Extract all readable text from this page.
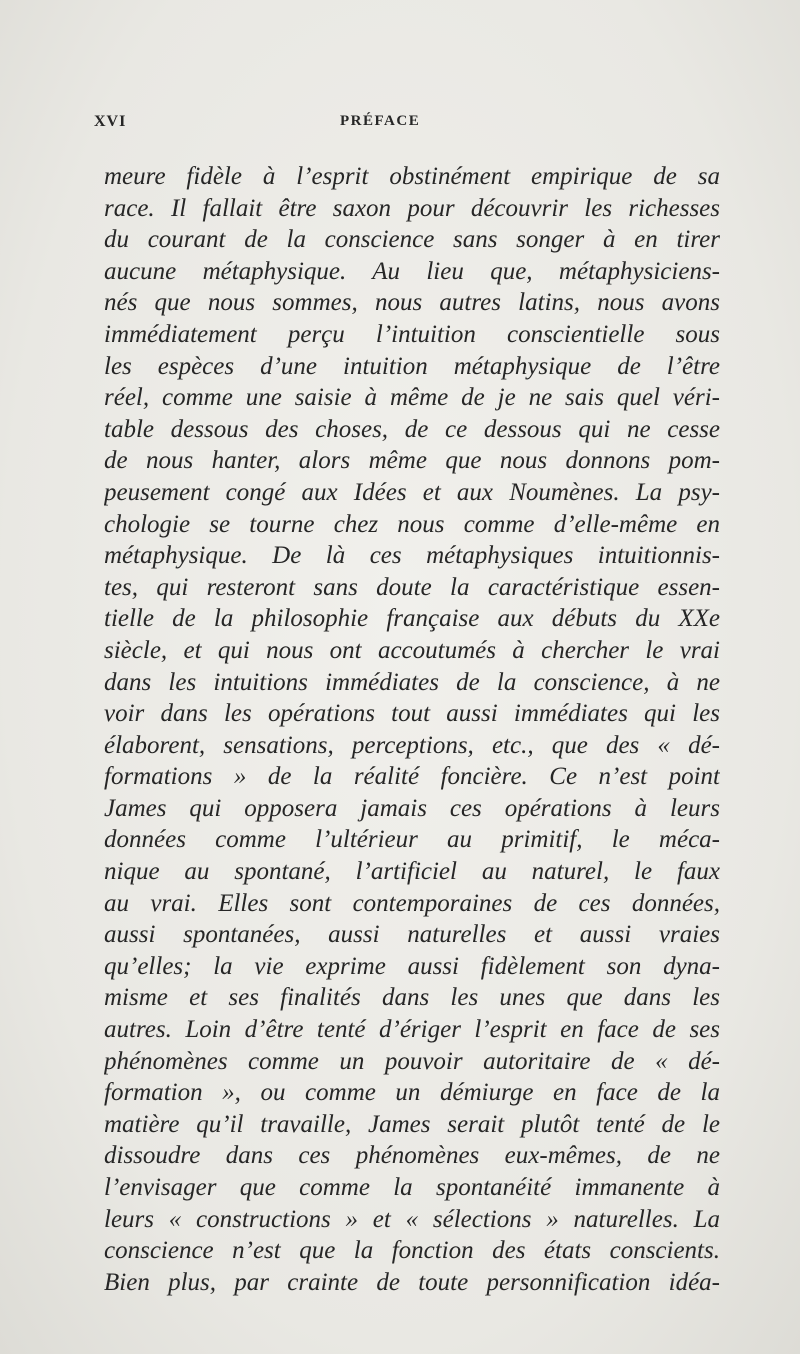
XVI	PRÉFACE
meure fidèle à l’esprit obstinément empirique de sa
race. Il fallait être saxon pour découvrir les richesses
du courant de la conscience sans songer à en tirer
aucune métaphysique. Au lieu que, métaphysiciens-
nés que nous sommes, nous autres latins, nous avons
immédiatement perçu l’intuition conscientielle sous
les espèces d’une intuition métaphysique de l’être
réel, comme une saisie à même de je ne sais quel véri-
table dessous des choses, de ce dessous qui ne cesse
de nous hanter, alors même que nous donnons pom-
peusement congé aux Idées et aux Noumènes. La psy-
chologie se tourne chez nous comme d’elle-même en
métaphysique. De là ces métaphysiques intuitionnis-
tes, qui resteront sans doute la caractéristique essen-
tielle de la philosophie française aux débuts du XXe
siècle, et qui nous ont accoutumés à chercher le vrai
dans les intuitions immédiates de la conscience, à ne
voir dans les opérations tout aussi immédiates qui les
élaborent, sensations, perceptions, etc., que des « dé-
formations » de la réalité foncière. Ce n’est point
James qui opposera jamais ces opérations à leurs
données comme l’ultérieur au primitif, le méca-
nique au spontané, l’artificiel au naturel, le faux
au vrai. Elles sont contemporaines de ces données,
aussi spontanées, aussi naturelles et aussi vraies
qu’elles; la vie exprime aussi fidèlement son dyna-
misme et ses finalités dans les unes que dans les
autres. Loin d’être tenté d’ériger l’esprit en face de ses
phénomènes comme un pouvoir autoritaire de « dé-
formation », ou comme un démiurge en face de la
matière qu’il travaille, James serait plutôt tenté de le
dissoudre dans ces phénomènes eux-mêmes, de ne
l’envisager que comme la spontanéité immanente à
leurs « constructions » et « sélections » naturelles. La
conscience n’est que la fonction des états conscients.
Bien plus, par crainte de toute personnification idéa-
